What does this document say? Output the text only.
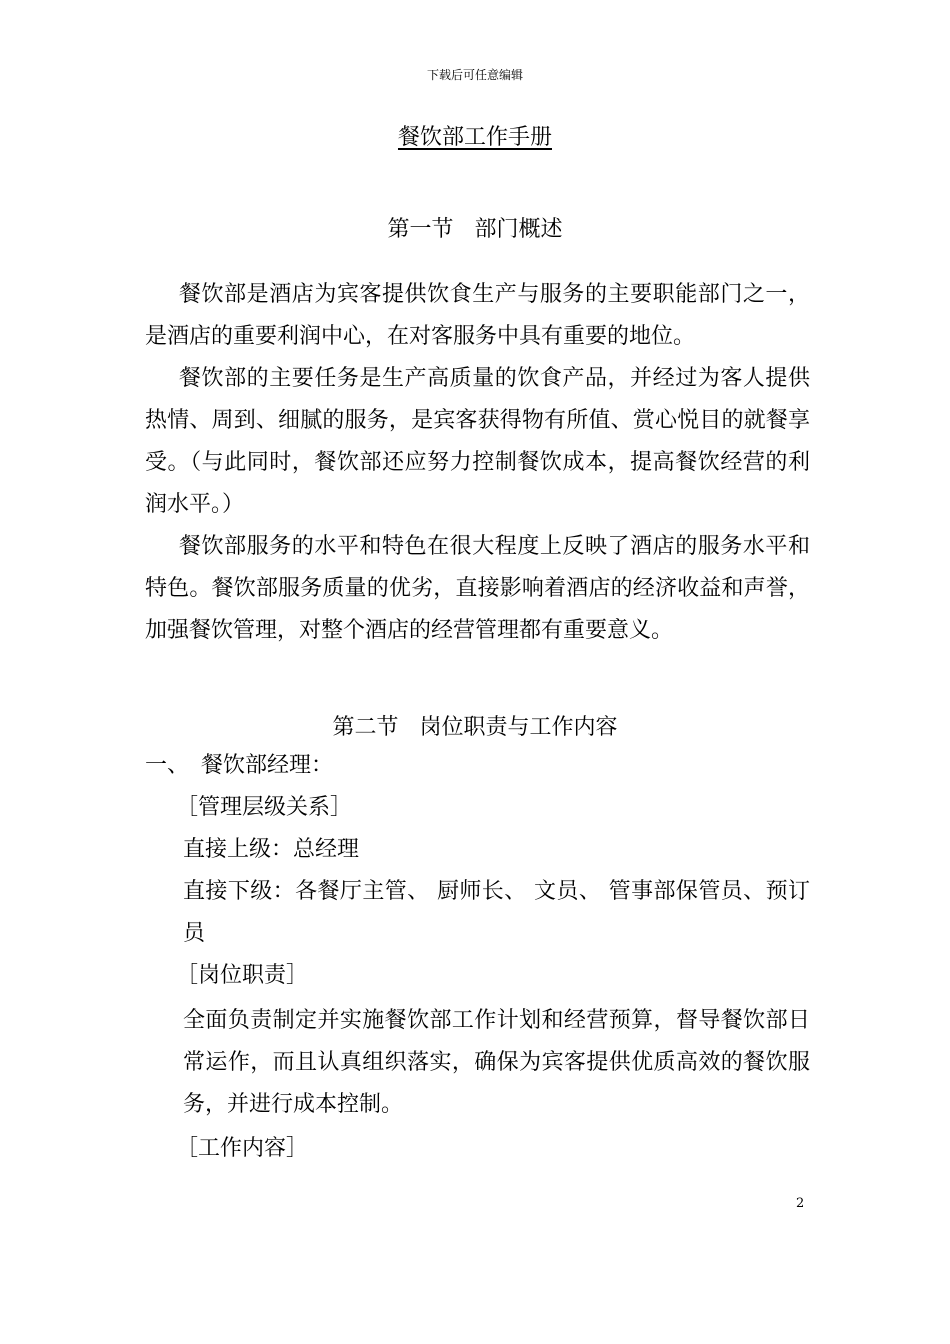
下载后可任意编辑
餐饮部工作手册
第一节   部门概述

餐饮部是酒店为宾客提供饮食生产与服务的主要职能部门之一，是酒店的重要利润中心，在对客服务中具有重要的地位。

餐饮部的主要任务是生产高质量的饮食产品，并经过为客人提供热情、周到、细腻的服务，是宾客获得物有所值、赏心悦目的就餐享受。（与此同时，餐饮部还应努力控制餐饮成本，提高餐饮经营的利润水平。）

餐饮部服务的水平和特色在很大程度上反映了酒店的服务水平和特色。餐饮部服务质量的优劣，直接影响着酒店的经济收益和声誉，加强餐饮管理，对整个酒店的经营管理都有重要意义。

第二节   岗位职责与工作内容
一、 餐饮部经理：
［管理层级关系］
直接上级：总经理

直接下级：各餐厅主管、 厨师长、 文员、 管事部保管员、预订员

［岗位职责］

全面负责制定并实施餐饮部工作计划和经营预算，督导餐饮部日常运作，而且认真组织落实，确保为宾客提供优质高效的餐饮服务，并进行成本控制。

［工作内容］
2
